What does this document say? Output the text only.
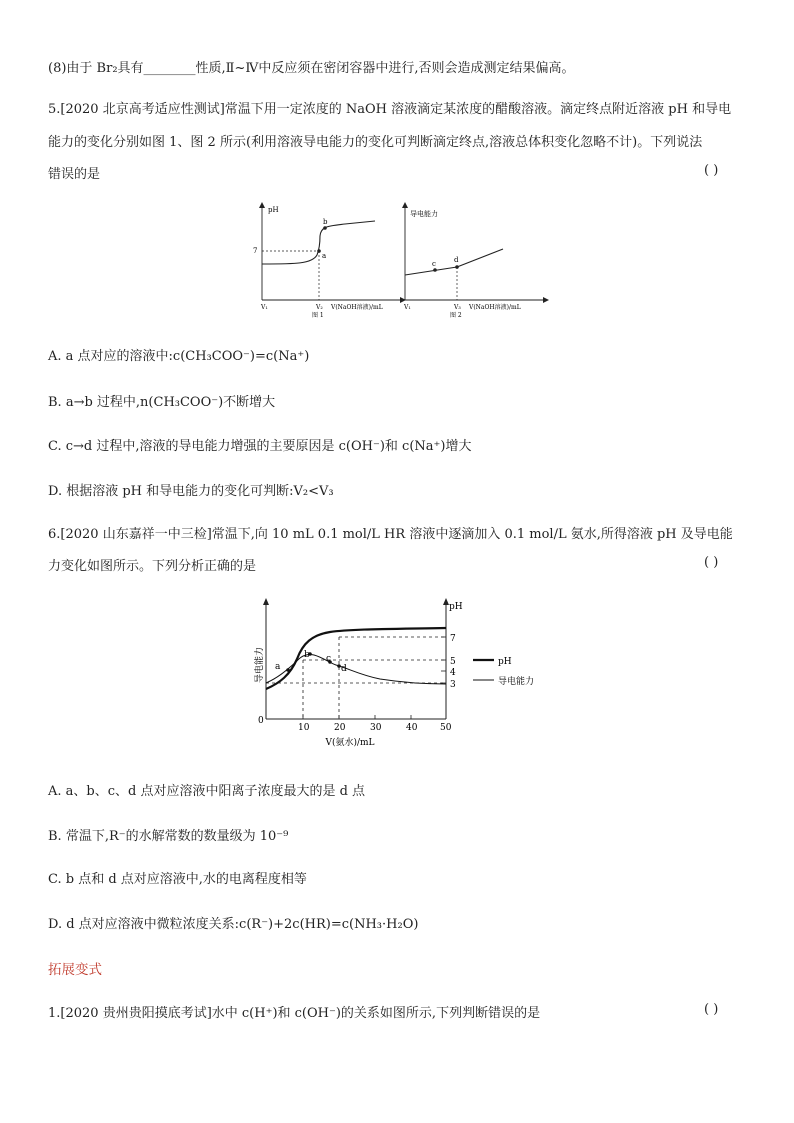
(8)由于 Br₂具有________性质,Ⅱ~Ⅳ中反应须在密闭容器中进行,否则会造成测定结果偏高。
5.[2020 北京高考适应性测试]常温下用一定浓度的 NaOH 溶液滴定某浓度的醋酸溶液。滴定终点附近溶液 pH 和导电
能力的变化分别如图 1、图 2 所示(利用溶液导电能力的变化可判断滴定终点,溶液总体积变化忽略不计)。下列说法
错误的是	( )
pH
7
a
b
V₁	V₂ V(NaOH溶液)/mL
图 1
导电能力
c	d
V₁	V₃ V(NaOH溶液)/mL
图 2
A. a 点对应的溶液中:c(CH₃COO⁻)=c(Na⁺)
B. a→b 过程中,n(CH₃COO⁻)不断增大
C. c→d 过程中,溶液的导电能力增强的主要原因是 c(OH⁻)和 c(Na⁺)增大
D. 根据溶液 pH 和导电能力的变化可判断:V₂<V₃
6.[2020 山东嘉祥一中三检]常温下,向 10 mL 0.1 mol/L HR 溶液中逐滴加入 0.1 mol/L 氨水,所得溶液 pH 及导电能
力变化如图所示。下列分析正确的是	( )
a
b c
d
7
5
4
3
pH
导电能力
0
10	20	30	40	50
V(氨水)/mL
pH
导电能力
A. a、b、c、d 点对应溶液中阳离子浓度最大的是 d 点
B. 常温下,R⁻的水解常数的数量级为 10⁻⁹
C. b 点和 d 点对应溶液中,水的电离程度相等
D. d 点对应溶液中微粒浓度关系:c(R⁻)+2c(HR)=c(NH₃·H₂O)
拓展变式
1.[2020 贵州贵阳摸底考试]水中 c(H⁺)和 c(OH⁻)的关系如图所示,下列判断错误的是	( )
